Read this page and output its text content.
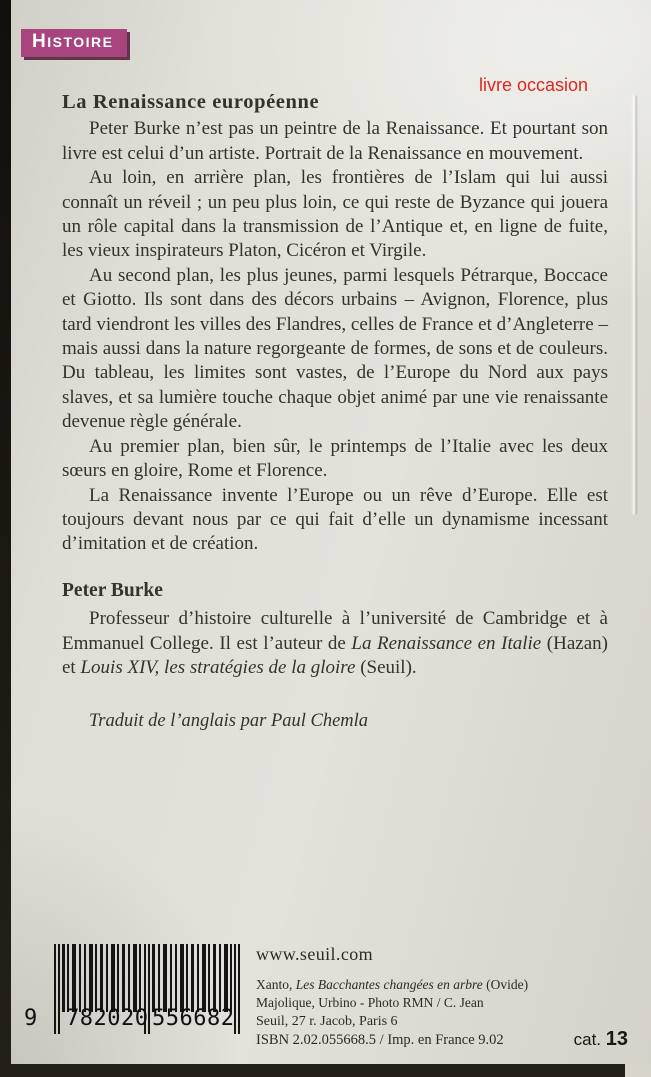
HISTOIRE
livre occasion
La Renaissance européenne

Peter Burke n’est pas un peintre de la Renaissance. Et pourtant son livre est celui d’un artiste. Portrait de la Renaissance en mouvement.

Au loin, en arrière plan, les frontières de l’Islam qui lui aussi connaît un réveil ; un peu plus loin, ce qui reste de Byzance qui jouera un rôle capital dans la transmission de l’Antique et, en ligne de fuite, les vieux inspirateurs Platon, Cicéron et Virgile.

Au second plan, les plus jeunes, parmi lesquels Pétrarque, Boccace et Giotto. Ils sont dans des décors urbains – Avignon, Florence, plus tard viendront les villes des Flandres, celles de France et d’Angleterre – mais aussi dans la nature regorgeante de formes, de sons et de couleurs. Du tableau, les limites sont vastes, de l’Europe du Nord aux pays slaves, et sa lumière touche chaque objet animé par une vie renaissante devenue règle générale.

Au premier plan, bien sûr, le printemps de l’Italie avec les deux sœurs en gloire, Rome et Florence.

La Renaissance invente l’Europe ou un rêve d’Europe. Elle est toujours devant nous par ce qui fait d’elle un dynamisme incessant d’imitation et de création.

Peter Burke

Professeur d’histoire culturelle à l’université de Cambridge et à Emmanuel College. Il est l’auteur de La Renaissance en Italie (Hazan) et Louis XIV, les stratégies de la gloire (Seuil).

Traduit de l’anglais par Paul Chemla

www.seuil.com
Xanto, Les Bacchantes changées en arbre (Ovide)
Majolique, Urbino - Photo RMN / C. Jean
Seuil, 27 r. Jacob, Paris 6
ISBN 2.02.055668.5 / Imp. en France 9.02	cat. 13
9 782020 556682
